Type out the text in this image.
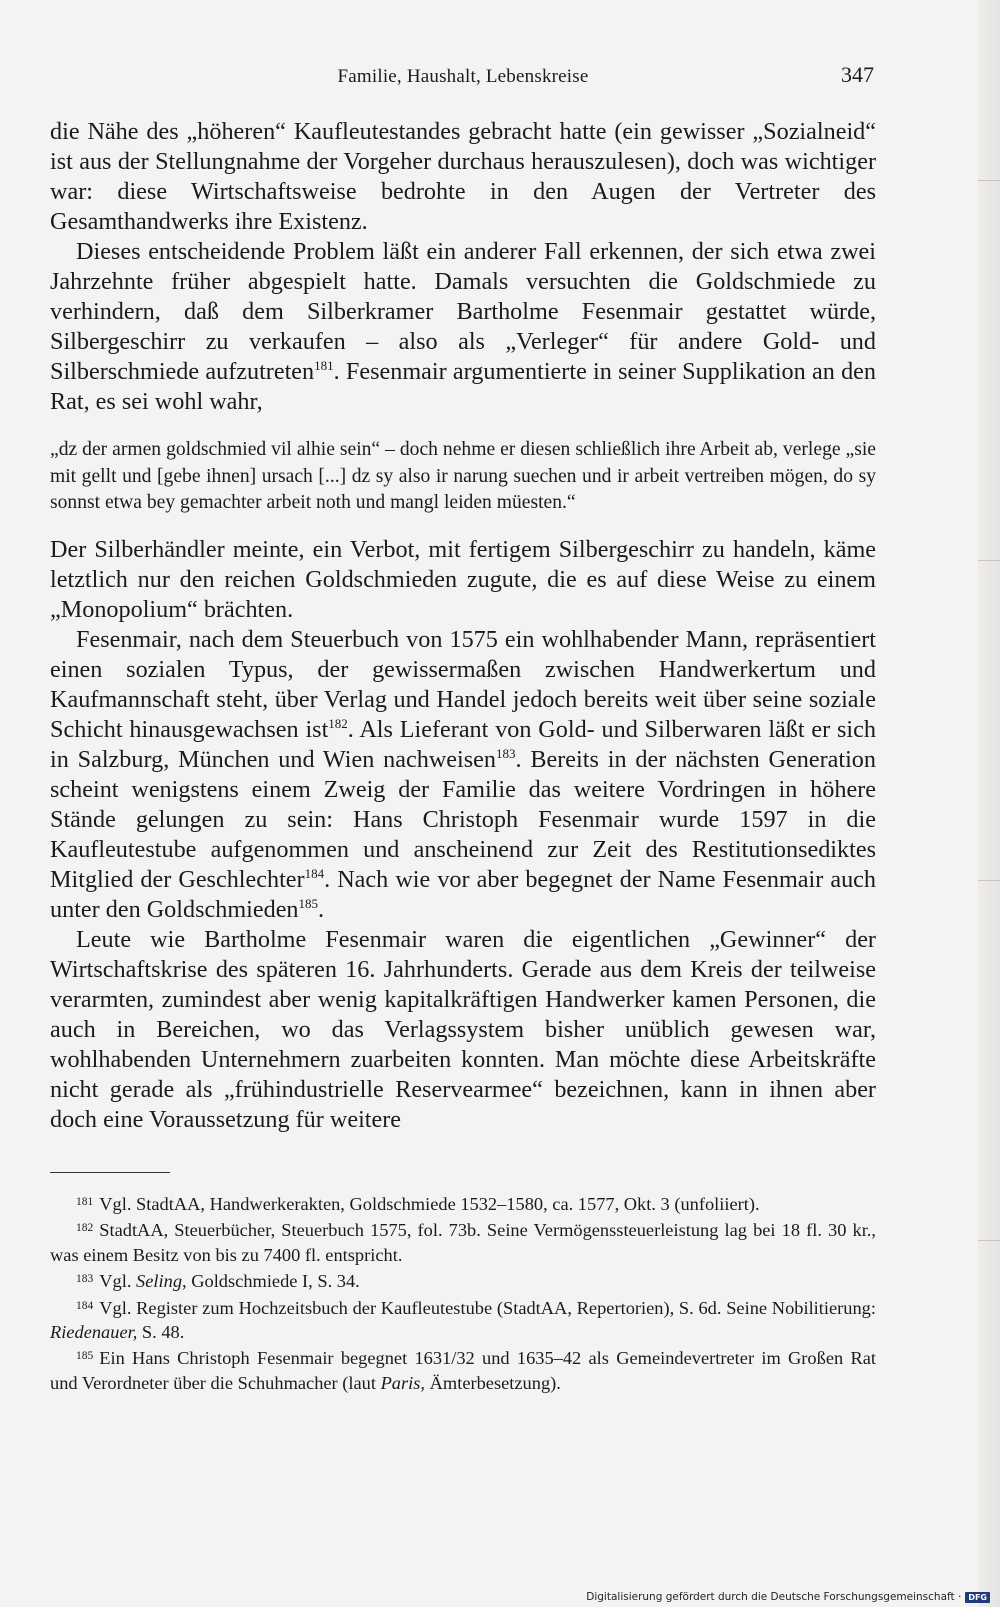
Familie, Haushalt, Lebenskreise	347

die Nähe des „höheren“ Kaufleutestandes gebracht hatte (ein gewisser „Sozialneid“ ist aus der Stellungnahme der Vorgeher durchaus herauszulesen), doch was wichtiger war: diese Wirtschaftsweise bedrohte in den Augen der Vertreter des Gesamthandwerks ihre Existenz.

Dieses entscheidende Problem läßt ein anderer Fall erkennen, der sich etwa zwei Jahrzehnte früher abgespielt hatte. Damals versuchten die Goldschmiede zu verhindern, daß dem Silberkramer Bartholme Fesenmair gestattet würde, Silbergeschirr zu verkaufen – also als „Verleger“ für andere Gold- und Silberschmiede aufzutreten$^{181}$. Fesenmair argumentierte in seiner Supplikation an den Rat, es sei wohl wahr,

„dz der armen goldschmied vil alhie sein“ – doch nehme er diesen schließlich ihre Arbeit ab, verlege „sie mit gellt und [gebe ihnen] ursach [...] dz sy also ir narung suechen und ir arbeit vertreiben mögen, do sy sonnst etwa bey gemachter arbeit noth und mangl leiden müesten.“

Der Silberhändler meinte, ein Verbot, mit fertigem Silbergeschirr zu handeln, käme letztlich nur den reichen Goldschmieden zugute, die es auf diese Weise zu einem „Monopolium“ brächten.

Fesenmair, nach dem Steuerbuch von 1575 ein wohlhabender Mann, repräsentiert einen sozialen Typus, der gewissermaßen zwischen Handwerkertum und Kaufmannschaft steht, über Verlag und Handel jedoch bereits weit über seine soziale Schicht hinausgewachsen ist$^{182}$. Als Lieferant von Gold- und Silberwaren läßt er sich in Salzburg, München und Wien nachweisen$^{183}$. Bereits in der nächsten Generation scheint wenigstens einem Zweig der Familie das weitere Vordringen in höhere Stände gelungen zu sein: Hans Christoph Fesenmair wurde 1597 in die Kaufleutestube aufgenommen und anscheinend zur Zeit des Restitutionsediktes Mitglied der Geschlechter$^{184}$. Nach wie vor aber begegnet der Name Fesenmair auch unter den Goldschmieden$^{185}$.

Leute wie Bartholme Fesenmair waren die eigentlichen „Gewinner“ der Wirtschaftskrise des späteren 16. Jahrhunderts. Gerade aus dem Kreis der teilweise verarmten, zumindest aber wenig kapitalkräftigen Handwerker kamen Personen, die auch in Bereichen, wo das Verlagssystem bisher unüblich gewesen war, wohlhabenden Unternehmern zuarbeiten konnten. Man möchte diese Arbeitskräfte nicht gerade als „frühindustrielle Reservearmee“ bezeichnen, kann in ihnen aber doch eine Voraussetzung für weitere

$^{181}$ Vgl. StadtAA, Handwerkerakten, Goldschmiede 1532–1580, ca. 1577, Okt. 3 (unfoliiert).

$^{182}$ StadtAA, Steuerbücher, Steuerbuch 1575, fol. 73b. Seine Vermögenssteuerleistung lag bei 18 fl. 30 kr., was einem Besitz von bis zu 7400 fl. entspricht.

$^{183}$ Vgl. Seling, Goldschmiede I, S. 34.

$^{184}$ Vgl. Register zum Hochzeitsbuch der Kaufleutestube (StadtAA, Repertorien), S. 6d. Seine Nobilitierung: Riedenauer, S. 48.

$^{185}$ Ein Hans Christoph Fesenmair begegnet 1631/32 und 1635–42 als Gemeindevertreter im Großen Rat und Verordneter über die Schuhmacher (laut Paris, Ämterbesetzung).

Digitalisierung gefördert durch die Deutsche Forschungsgemeinschaft · DFG
